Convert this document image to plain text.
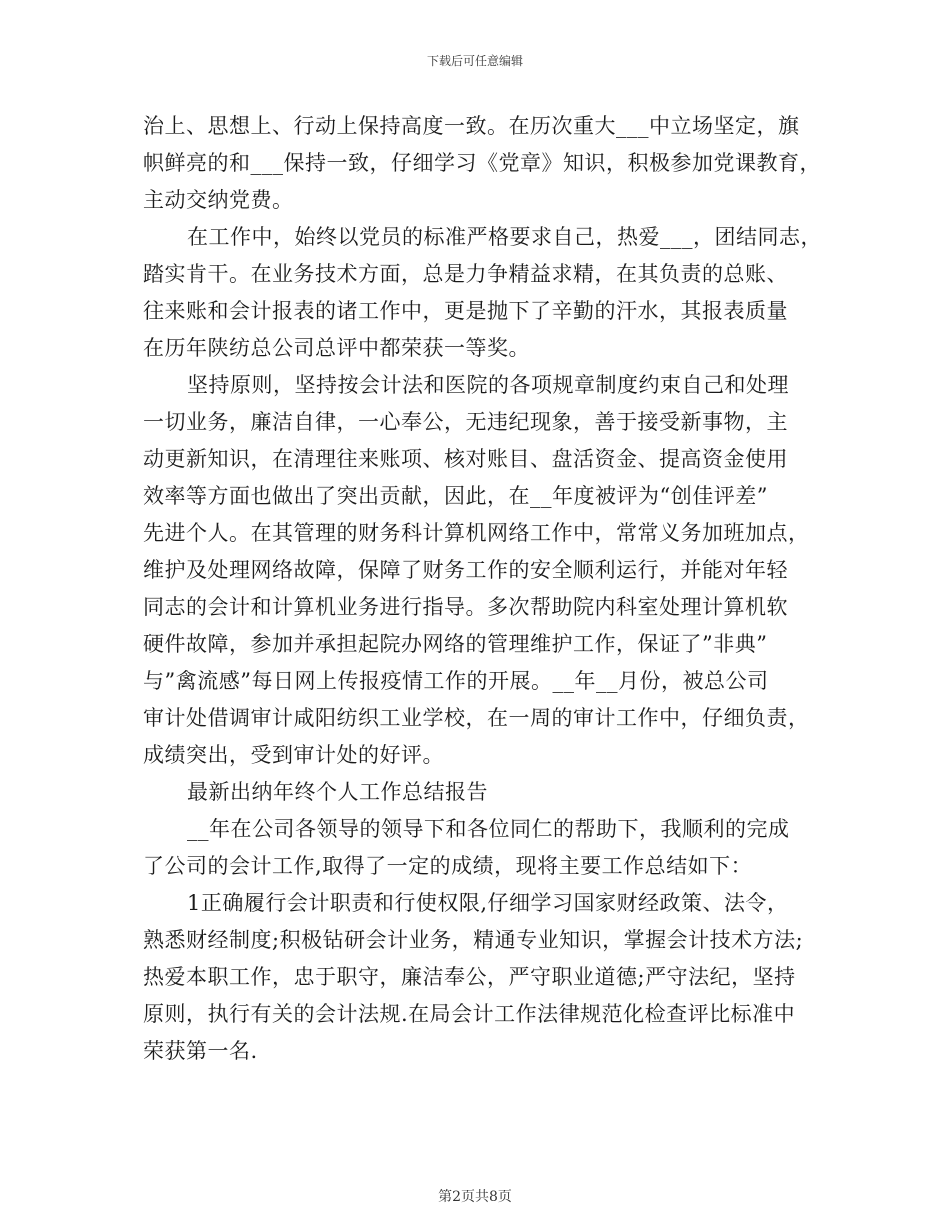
下载后可任意编辑
治上、思想上、行动上保持高度一致。在历次重大___中立场坚定，旗
帜鲜亮的和___保持一致，仔细学习《党章》知识，积极参加党课教育，
主动交纳党费。
在工作中，始终以党员的标准严格要求自己，热爱___，团结同志，
踏实肯干。在业务技术方面，总是力争精益求精，在其负责的总账、
往来账和会计报表的诸工作中，更是抛下了辛勤的汗水，其报表质量
在历年陕纺总公司总评中都荣获一等奖。
坚持原则，坚持按会计法和医院的各项规章制度约束自己和处理
一切业务，廉洁自律，一心奉公，无违纪现象，善于接受新事物，主
动更新知识，在清理往来账项、核对账目、盘活资金、提高资金使用
效率等方面也做出了突出贡献，因此，在__年度被评为“创佳评差”
先进个人。在其管理的财务科计算机网络工作中，常常义务加班加点，
维护及处理网络故障，保障了财务工作的安全顺利运行，并能对年轻
同志的会计和计算机业务进行指导。多次帮助院内科室处理计算机软
硬件故障，参加并承担起院办网络的管理维护工作，保证了”非典”
与”禽流感”每日网上传报疫情工作的开展。__年__月份，被总公司
审计处借调审计咸阳纺织工业学校，在一周的审计工作中，仔细负责，
成绩突出，受到审计处的好评。
最新出纳年终个人工作总结报告
__年在公司各领导的领导下和各位同仁的帮助下，我顺利的完成
了公司的会计工作,取得了一定的成绩，现将主要工作总结如下：
1正确履行会计职责和行使权限,仔细学习国家财经政策、法令，
熟悉财经制度;积极钻研会计业务，精通专业知识，掌握会计技术方法;
热爱本职工作，忠于职守，廉洁奉公，严守职业道德;严守法纪，坚持
原则，执行有关的会计法规.在局会计工作法律规范化检查评比标准中
荣获第一名.
第2页共8页
